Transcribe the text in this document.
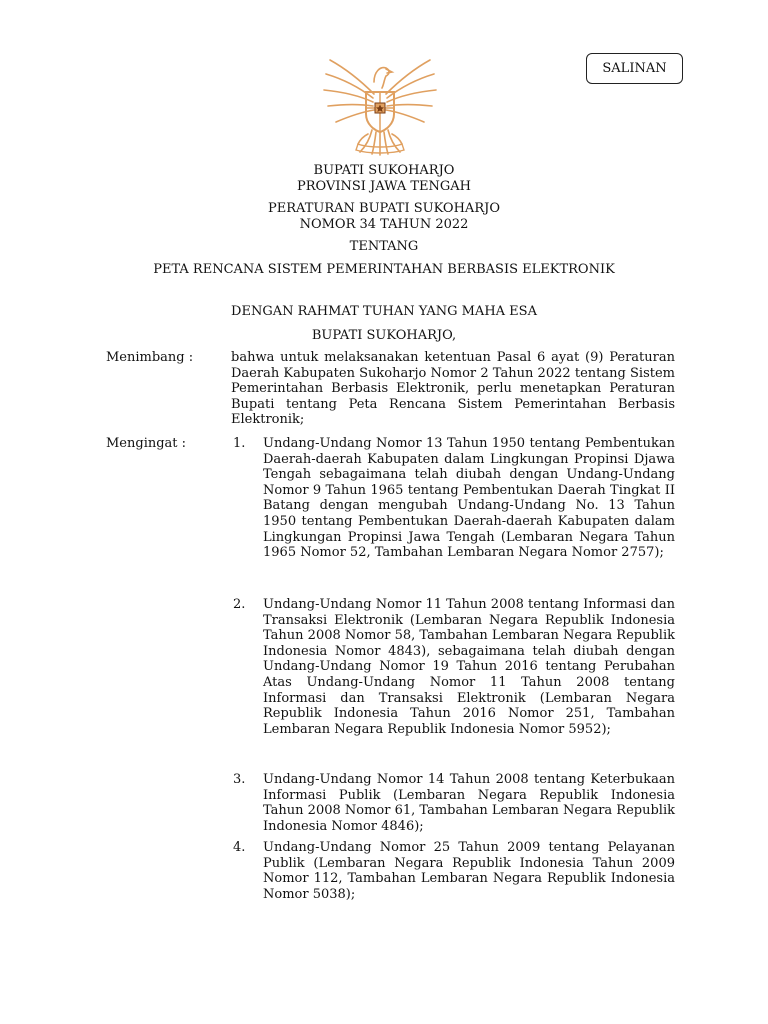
SALINAN
BUPATI SUKOHARJO
PROVINSI JAWA TENGAH
PERATURAN BUPATI SUKOHARJO
NOMOR 34 TAHUN 2022
TENTANG
PETA RENCANA SISTEM PEMERINTAHAN BERBASIS ELEKTRONIK
DENGAN RAHMAT TUHAN YANG MAHA ESA
BUPATI SUKOHARJO,
Menimbang :	bahwa untuk melaksanakan ketentuan Pasal 6 ayat (9) Peraturan Daerah Kabupaten Sukoharjo Nomor 2 Tahun 2022 tentang Sistem Pemerintahan Berbasis Elektronik, perlu menetapkan Peraturan Bupati tentang Peta Rencana Sistem Pemerintahan Berbasis Elektronik;
Mengingat :	1. Undang-Undang Nomor 13 Tahun 1950 tentang Pembentukan Daerah-daerah Kabupaten dalam Lingkungan Propinsi Djawa Tengah sebagaimana telah diubah dengan Undang-Undang Nomor 9 Tahun 1965 tentang Pembentukan Daerah Tingkat II Batang dengan mengubah Undang-Undang No. 13 Tahun 1950 tentang Pembentukan Daerah-daerah Kabupaten dalam Lingkungan Propinsi Jawa Tengah (Lembaran Negara Tahun 1965 Nomor 52, Tambahan Lembaran Negara Nomor 2757);
2. Undang-Undang Nomor 11 Tahun 2008 tentang Informasi dan Transaksi Elektronik (Lembaran Negara Republik Indonesia Tahun 2008 Nomor 58, Tambahan Lembaran Negara Republik Indonesia Nomor 4843), sebagaimana telah diubah dengan Undang-Undang Nomor 19 Tahun 2016 tentang Perubahan Atas Undang-Undang Nomor 11 Tahun 2008 tentang Informasi dan Transaksi Elektronik (Lembaran Negara Republik Indonesia Tahun 2016 Nomor 251, Tambahan Lembaran Negara Republik Indonesia Nomor 5952);
3. Undang-Undang Nomor 14 Tahun 2008 tentang Keterbukaan Informasi Publik (Lembaran Negara Republik Indonesia Tahun 2008 Nomor 61, Tambahan Lembaran Negara Republik Indonesia Nomor 4846);
4. Undang-Undang Nomor 25 Tahun 2009 tentang Pelayanan Publik (Lembaran Negara Republik Indonesia Tahun 2009 Nomor 112, Tambahan Lembaran Negara Republik Indonesia Nomor 5038);
